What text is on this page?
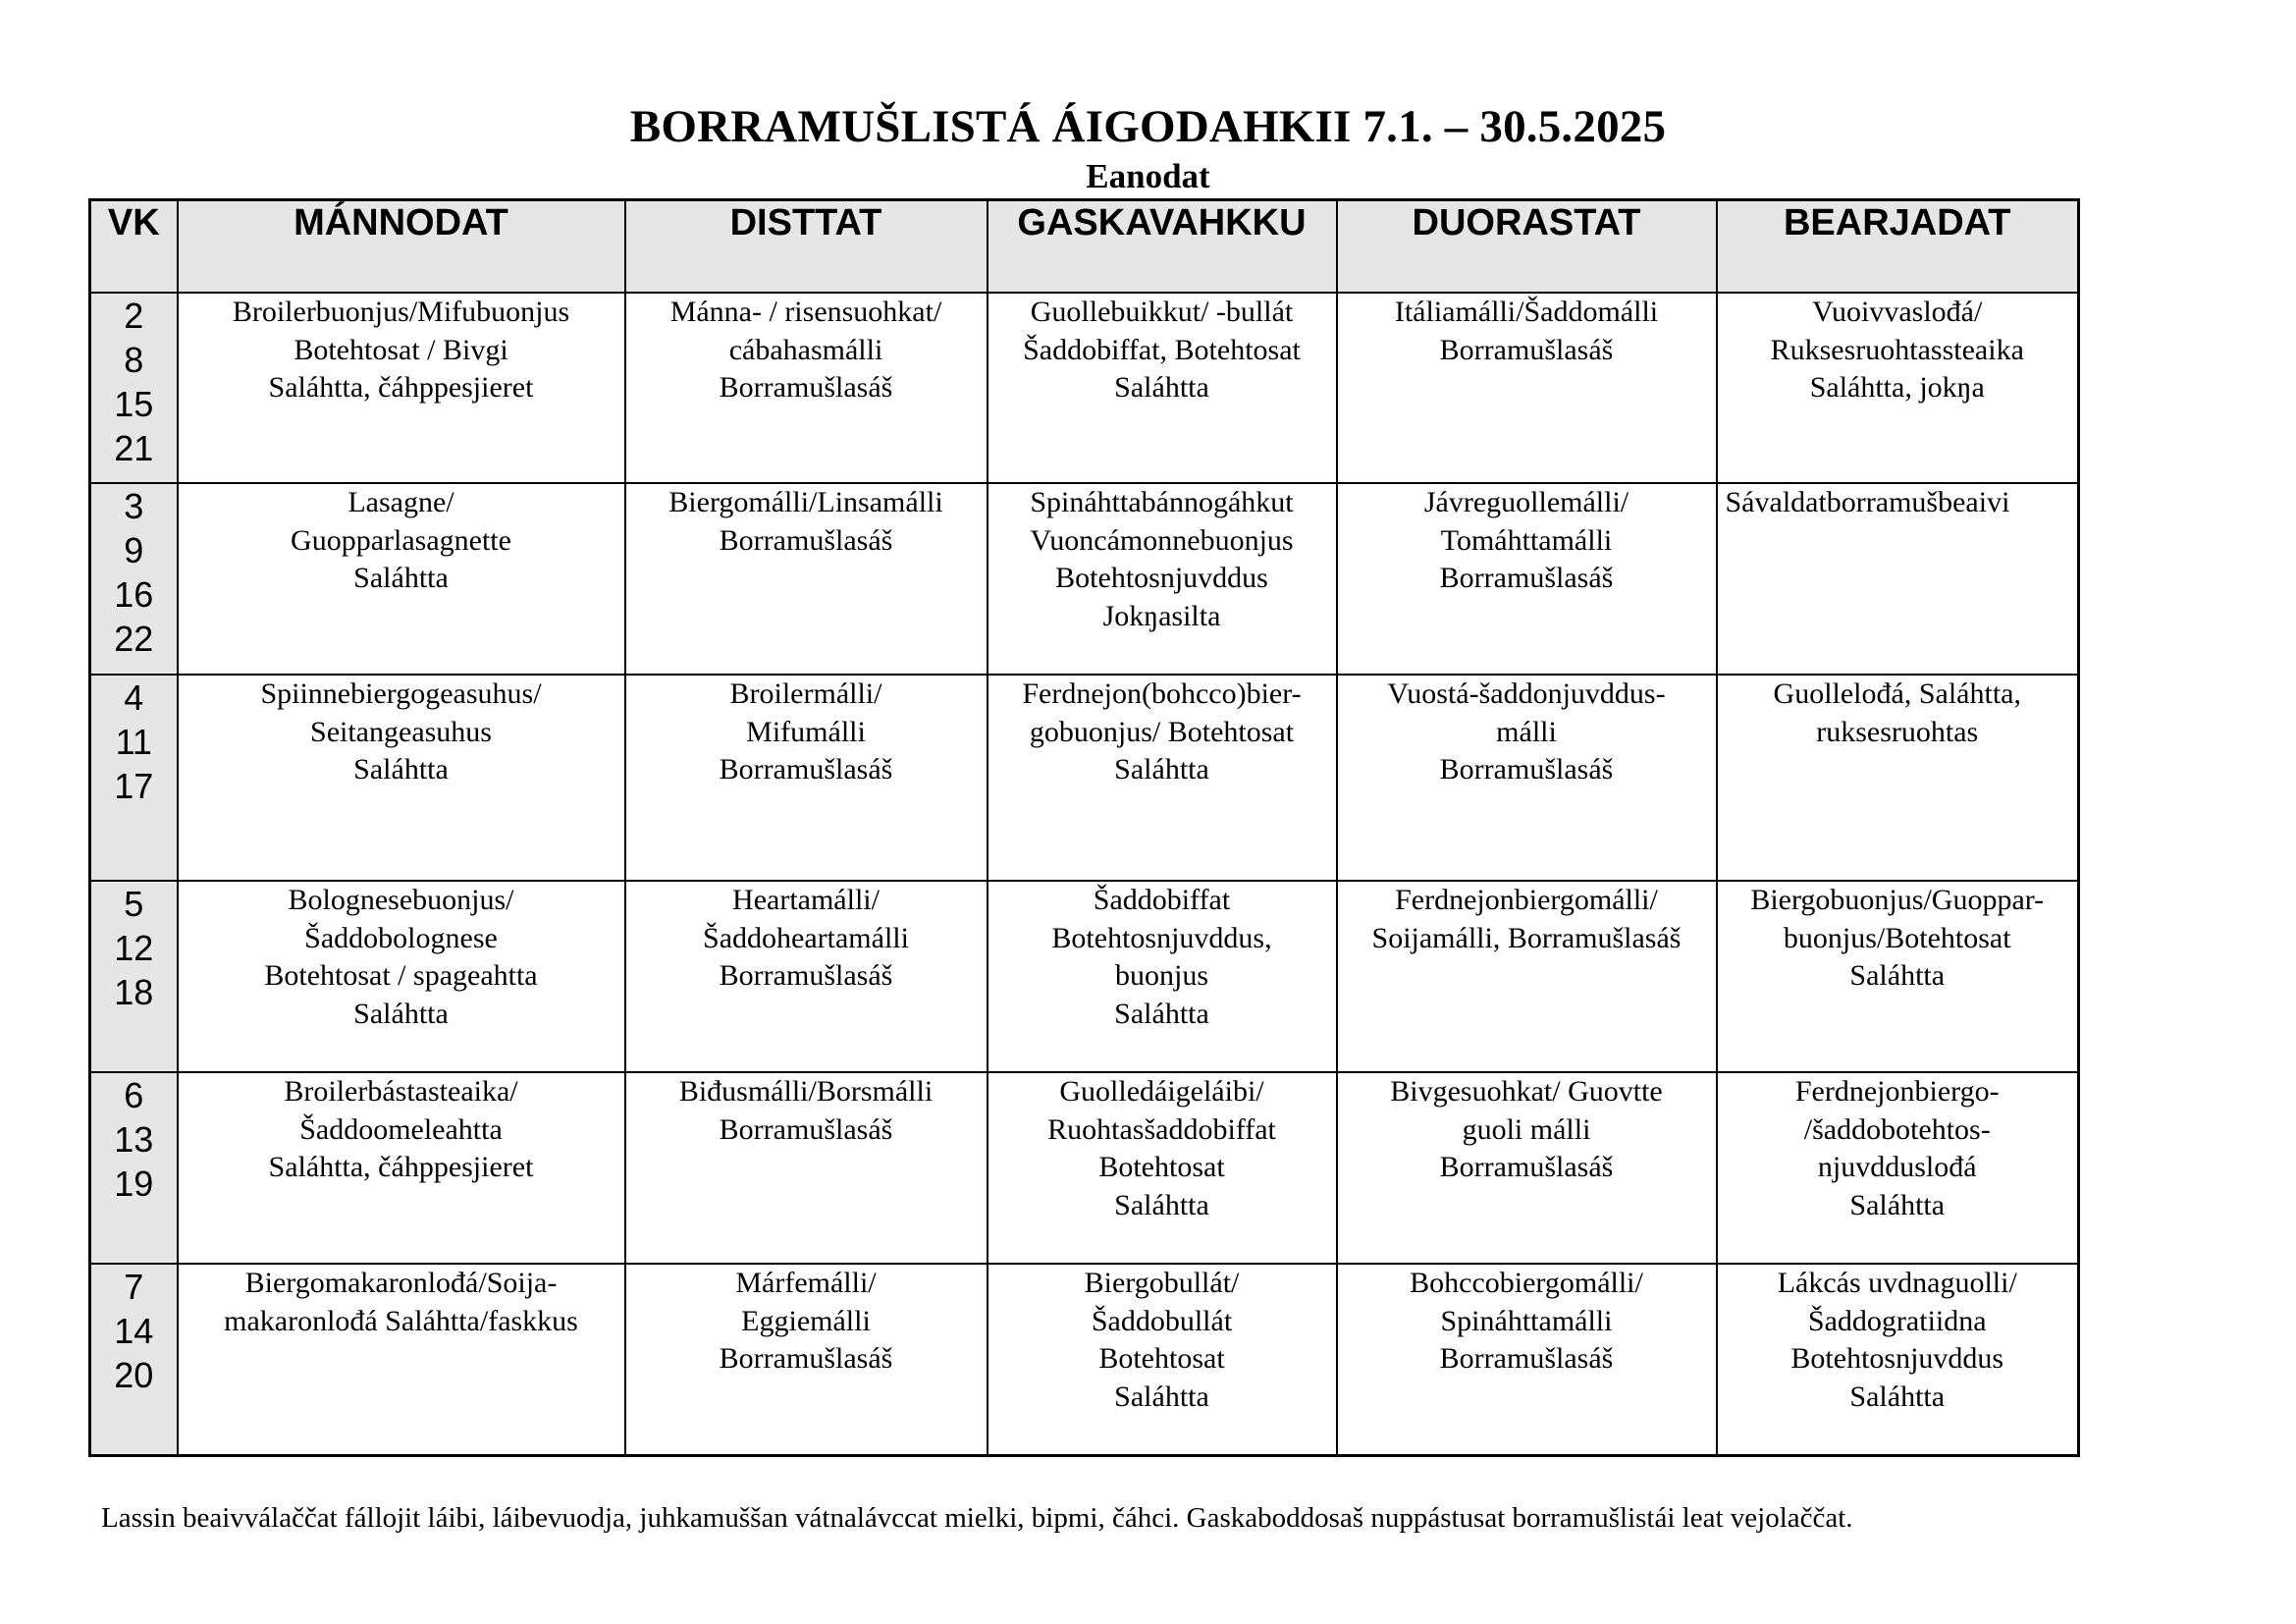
BORRAMUŠLISTÁ ÁIGODAHKII 7.1. – 30.5.2025
Eanodat
VK	MÁNNODAT	DISTTAT	GASKAVAHKKU	DUORASTAT	BEARJADAT

2
8
15
21	Broilerbuonjus/Mifubuonjus
Botehtosat / Bivgi
Saláhtta, čáhppesjieret	Mánna- / risensuohkat/
cábahasmálli
Borramušlasáš	Guollebuikkut/ -bullát
Šaddobiffat, Botehtosat
Saláhtta	Itáliamálli/Šaddomálli
Borramušlasáš	Vuoivvaslođá/
Ruksesruohtassteaika
Saláhtta, jokŋa

3
9
16
22	Lasagne/
Guopparlasagnette
Saláhtta	Biergomálli/Linsamálli
Borramušlasáš	Spináhttabánnogáhkut
Vuoncámonnebuonjus
Botehtosnjuvddus
Jokŋasilta	Jávreguollemálli/
Tomáhttamálli
Borramušlasáš	Sávaldatborramušbeaivi

4
11
17	Spiinnebiergogeasuhus/
Seitangeasuhus
Saláhtta	Broilermálli/
Mifumálli
Borramušlasáš	Ferdnejon(bohcco)bier-
gobuonjus/ Botehtosat
Saláhtta	Vuostá-šaddonjuvddus-
málli
Borramušlasáš	Guollelođá, Saláhtta,
ruksesruohtas

5
12
18	Bolognesebuonjus/
Šaddobolognese
Botehtosat / spageahtta
Saláhtta	Heartamálli/
Šaddoheartamálli
Borramušlasáš	Šaddobiffat
Botehtosnjuvddus,
buonjus
Saláhtta	Ferdnejonbiergomálli/
Soijamálli, Borramušlasáš	Biergobuonjus/Guoppar-
buonjus/Botehtosat
Saláhtta

6
13
19	Broilerbástasteaika/
Šaddoomeleahtta
Saláhtta, čáhppesjieret	Biđusmálli/Borsmálli
Borramušlasáš	Guolledáigeláibi/
Ruohtasšaddobiffat
Botehtosat
Saláhtta	Bivgesuohkat/ Guovtte
guoli málli
Borramušlasáš	Ferdnejonbiergo-
/šaddobotehtos-
njuvdduslođá
Saláhtta

7
14
20	Biergomakaronlođá/Soija-
makaronlođá Saláhtta/faskkus	Márfemálli/
Eggiemálli
Borramušlasáš	Biergobullát/
Šaddobullát
Botehtosat
Saláhtta	Bohccobiergomálli/
Spináhttamálli
Borramušlasáš	Lákcás uvdnaguolli/
Šaddogratiidna
Botehtosnjuvddus
Saláhtta
Lassin beaivválaččat fállojit láibi, láibevuodja, juhkamuššan vátnalávccat mielki, bipmi, čáhci. Gaskaboddosaš nuppástusat borramušlistái leat vejolaččat.
